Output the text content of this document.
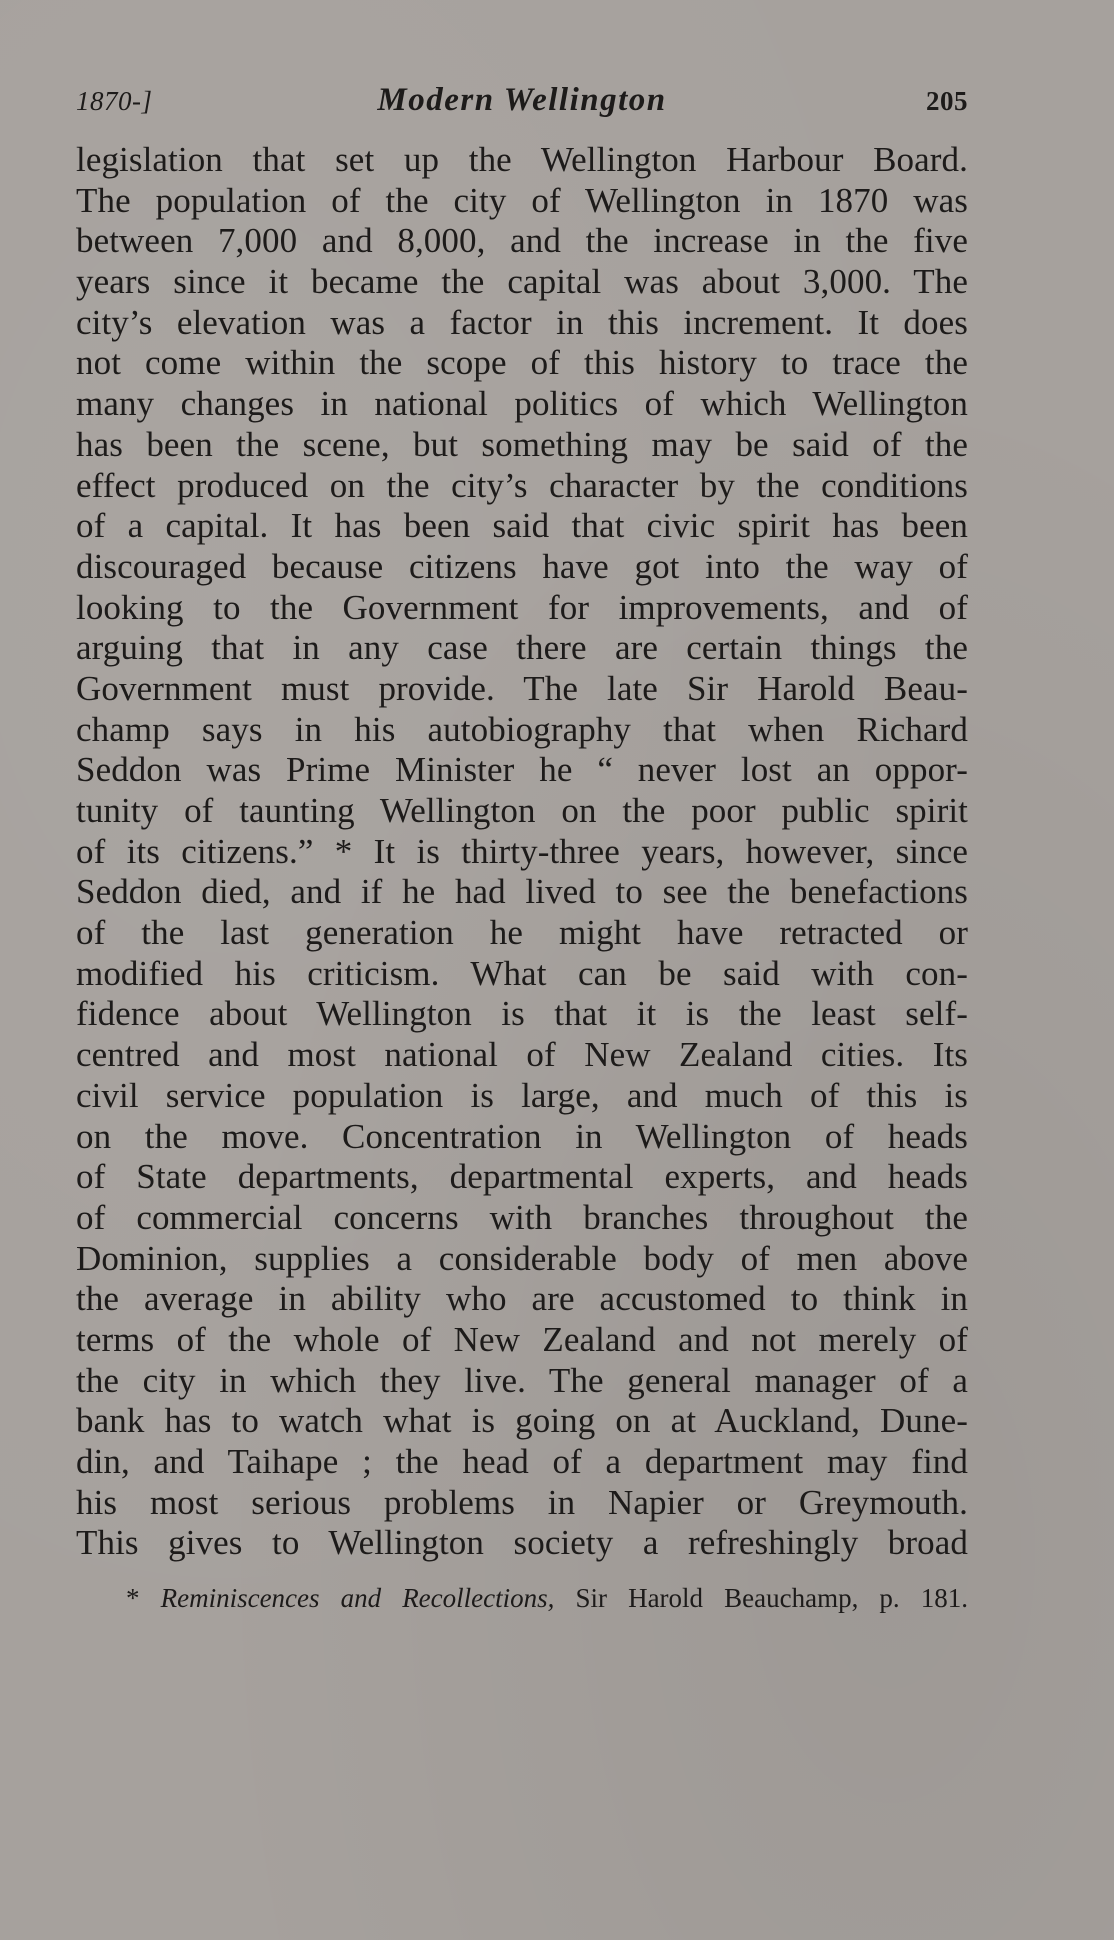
1870-]	Modern Wellington	205
legislation that set up the Wellington Harbour Board.
The population of the city of Wellington in 1870 was
between 7,000 and 8,000, and the increase in the five
years since it became the capital was about 3,000. The
city’s elevation was a factor in this increment. It does
not come within the scope of this history to trace the
many changes in national politics of which Wellington
has been the scene, but something may be said of the
effect produced on the city’s character by the conditions
of a capital. It has been said that civic spirit has been
discouraged because citizens have got into the way of
looking to the Government for improvements, and of
arguing that in any case there are certain things the
Government must provide. The late Sir Harold Beau-
champ says in his autobiography that when Richard
Seddon was Prime Minister he “ never lost an oppor-
tunity of taunting Wellington on the poor public spirit
of its citizens.” * It is thirty-three years, however, since
Seddon died, and if he had lived to see the benefactions
of the last generation he might have retracted or
modified his criticism. What can be said with con-
fidence about Wellington is that it is the least self-
centred and most national of New Zealand cities. Its
civil service population is large, and much of this is
on the move. Concentration in Wellington of heads
of State departments, departmental experts, and heads
of commercial concerns with branches throughout the
Dominion, supplies a considerable body of men above
the average in ability who are accustomed to think in
terms of the whole of New Zealand and not merely of
the city in which they live. The general manager of a
bank has to watch what is going on at Auckland, Dune-
din, and Taihape ; the head of a department may find
his most serious problems in Napier or Greymouth.
This gives to Wellington society a refreshingly broad
* Reminiscences and Recollections, Sir Harold Beauchamp, p. 181.
